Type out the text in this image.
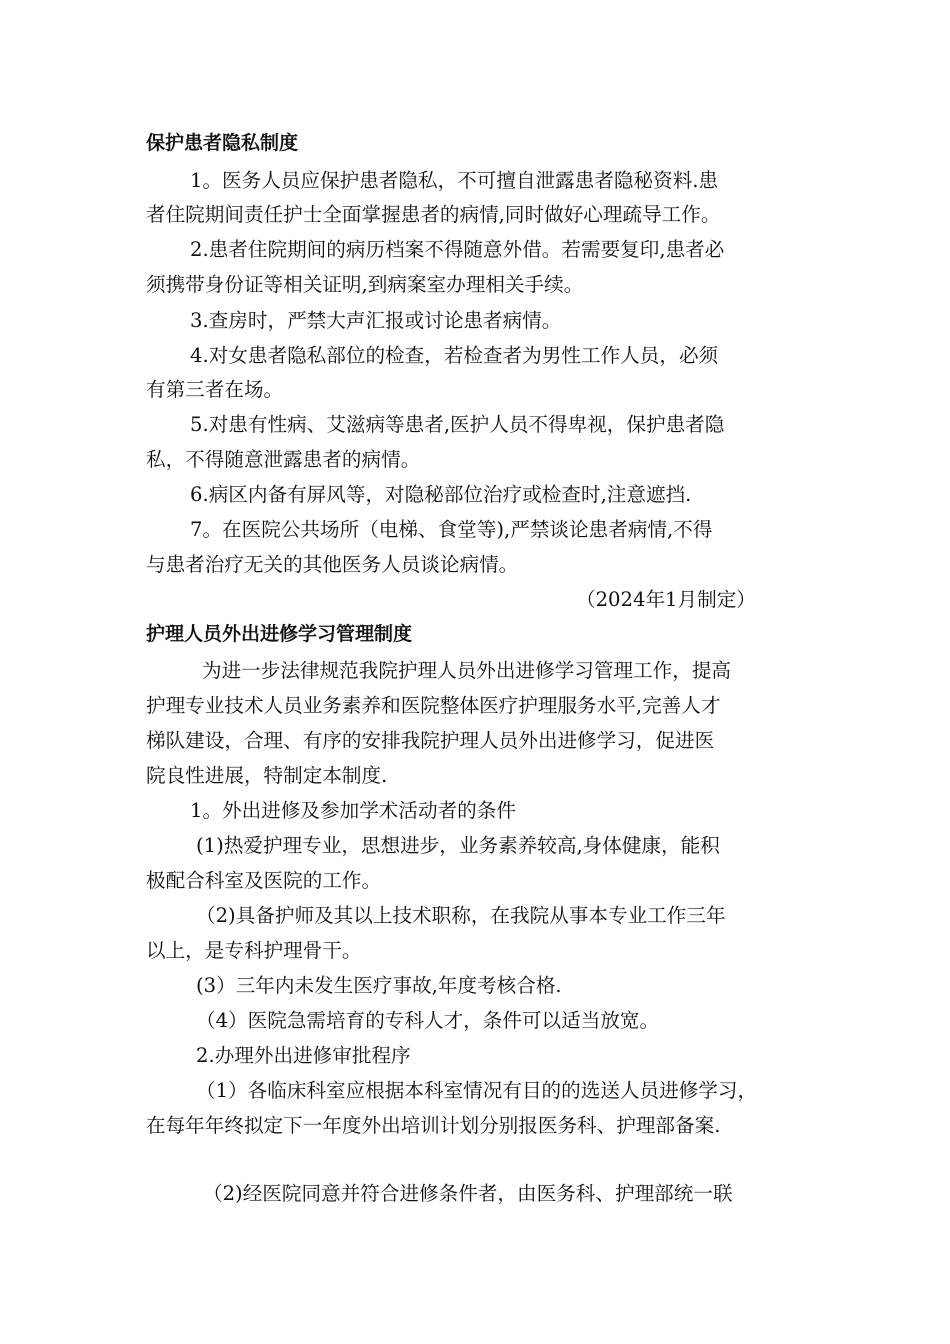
保护患者隐私制度
1。医务人员应保护患者隐私，不可擅自泄露患者隐秘资料.患
者住院期间责任护士全面掌握患者的病情,同时做好心理疏导工作。
2.患者住院期间的病历档案不得随意外借。若需要复印,患者必
须携带身份证等相关证明,到病案室办理相关手续。
3.查房时，严禁大声汇报或讨论患者病情。
4.对女患者隐私部位的检查，若检查者为男性工作人员，必须
有第三者在场。
5.对患有性病、艾滋病等患者,医护人员不得卑视，保护患者隐
私，不得随意泄露患者的病情。
6.病区内备有屏风等，对隐秘部位治疗或检查时,注意遮挡.
7。在医院公共场所（电梯、食堂等),严禁谈论患者病情,不得
与患者治疗无关的其他医务人员谈论病情。
（2024年1月制定）
护理人员外出进修学习管理制度
为进一步法律规范我院护理人员外出进修学习管理工作，提高
护理专业技术人员业务素养和医院整体医疗护理服务水平,完善人才
梯队建设，合理、有序的安排我院护理人员外出进修学习，促进医
院良性进展，特制定本制度.
1。外出进修及参加学术活动者的条件
(1)热爱护理专业，思想进步，业务素养较高,身体健康，能积
极配合科室及医院的工作。
（2)具备护师及其以上技术职称，在我院从事本专业工作三年
以上，是专科护理骨干。
(3）三年内未发生医疗事故,年度考核合格.
（4）医院急需培育的专科人才，条件可以适当放宽。
2.办理外出进修审批程序
（1）各临床科室应根据本科室情况有目的的选送人员进修学习，
在每年年终拟定下一年度外出培训计划分别报医务科、护理部备案.
（2)经医院同意并符合进修条件者，由医务科、护理部统一联
